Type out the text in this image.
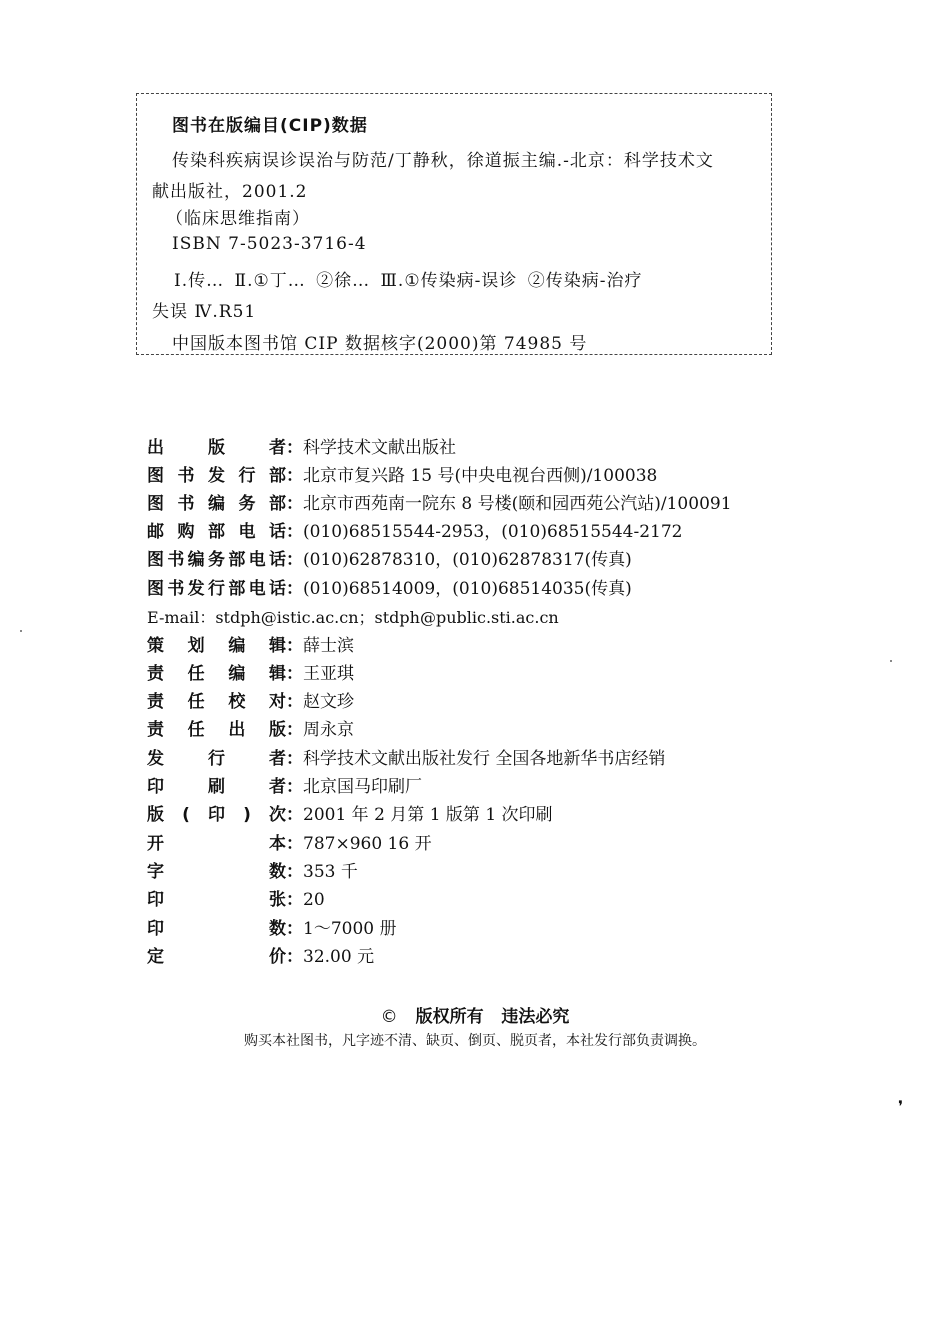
图书在版编目(CIP)数据
传染科疾病误诊误治与防范/丁静秋，徐道振主编.-北京：科学技术文
献出版社，2001.2
（临床思维指南）
ISBN 7-5023-3716-4
Ⅰ.传… Ⅱ.①丁… ②徐… Ⅲ.①传染病-误诊 ②传染病-治疗
失误 Ⅳ.R51
中国版本图书馆 CIP 数据核字(2000)第 74985 号
出 版 者：科学技术文献出版社
图书发行部：北京市复兴路 15 号(中央电视台西侧)/100038
图书编务部：北京市西苑南一院东 8 号楼(颐和园西苑公汽站)/100091
邮购部电话：(010)68515544-2953，(010)68515544-2172
图书编务部电话：(010)62878310，(010)62878317(传真)
图书发行部电话：(010)68514009，(010)68514035(传真)
E-mail：stdph@istic.ac.cn；stdph@public.sti.ac.cn
策划编辑：薛士滨
责任编辑：王亚琪
责任校对：赵文珍
责任出版：周永京
发 行 者：科学技术文献出版社发行 全国各地新华书店经销
印 刷 者：北京国马印刷厂
版(印)次：2001 年 2 月第 1 版第 1 次印刷
开 本：787×960 16 开
字 数：353 千
印 张：20
印 数：1～7000 册
定 价：32.00 元
© 版权所有   违法必究
购买本社图书，凡字迹不清、缺页、倒页、脱页者，本社发行部负责调换。
❜
